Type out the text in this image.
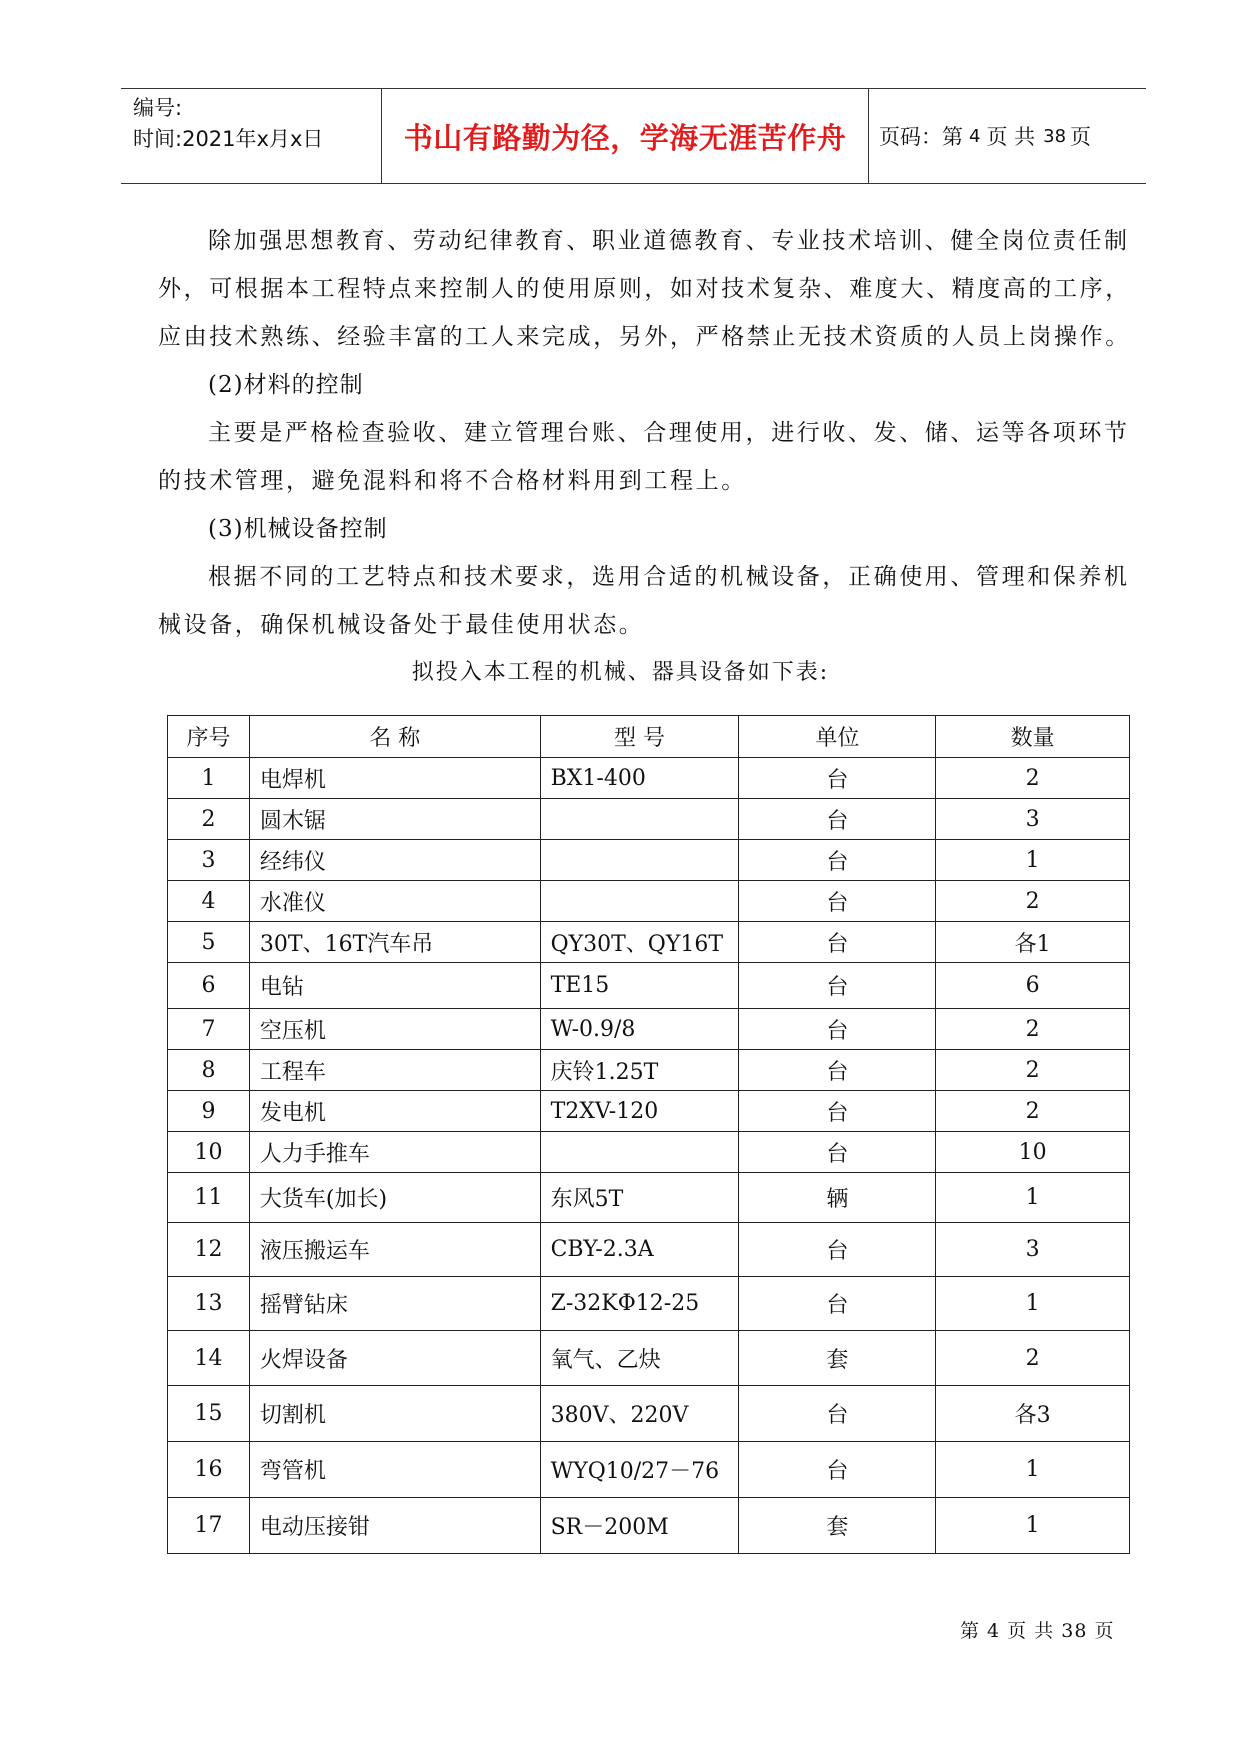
编号:
时间:2021年x月x日	书山有路勤为径，学海无涯苦作舟	页码：第 4 页 共 38 页
除加强思想教育、劳动纪律教育、职业道德教育、专业技术培训、健全岗位责任制
外，可根据本工程特点来控制人的使用原则，如对技术复杂、难度大、精度高的工序，
应由技术熟练、经验丰富的工人来完成，另外，严格禁止无技术资质的人员上岗操作。
(2)材料的控制
主要是严格检查验收、建立管理台账、合理使用，进行收、发、储、运等各项环节
的技术管理，避免混料和将不合格材料用到工程上。
(3)机械设备控制
根据不同的工艺特点和技术要求，选用合适的机械设备，正确使用、管理和保养机
械设备，确保机械设备处于最佳使用状态。
拟投入本工程的机械、器具设备如下表:
序号	名 称	型 号	单位	数量
1	电焊机	BX1-400	台	2
2	圆木锯		台	3
3	经纬仪		台	1
4	水准仪		台	2
5	30T、16T汽车吊	QY30T、QY16T	台	各1
6	电钻	TE15	台	6
7	空压机	W-0.9/8	台	2
8	工程车	庆铃1.25T	台	2
9	发电机	T2XV-120	台	2
10	人力手推车		台	10
11	大货车(加长)	东风5T	辆	1
12	液压搬运车	CBY-2.3A	台	3
13	摇臂钻床	Z-32KΦ12-25	台	1
14	火焊设备	氧气、乙炔	套	2
15	切割机	380V、220V	台	各3
16	弯管机	WYQ10/27－76	台	1
17	电动压接钳	SR－200M	套	1
第 4 页 共 38 页
